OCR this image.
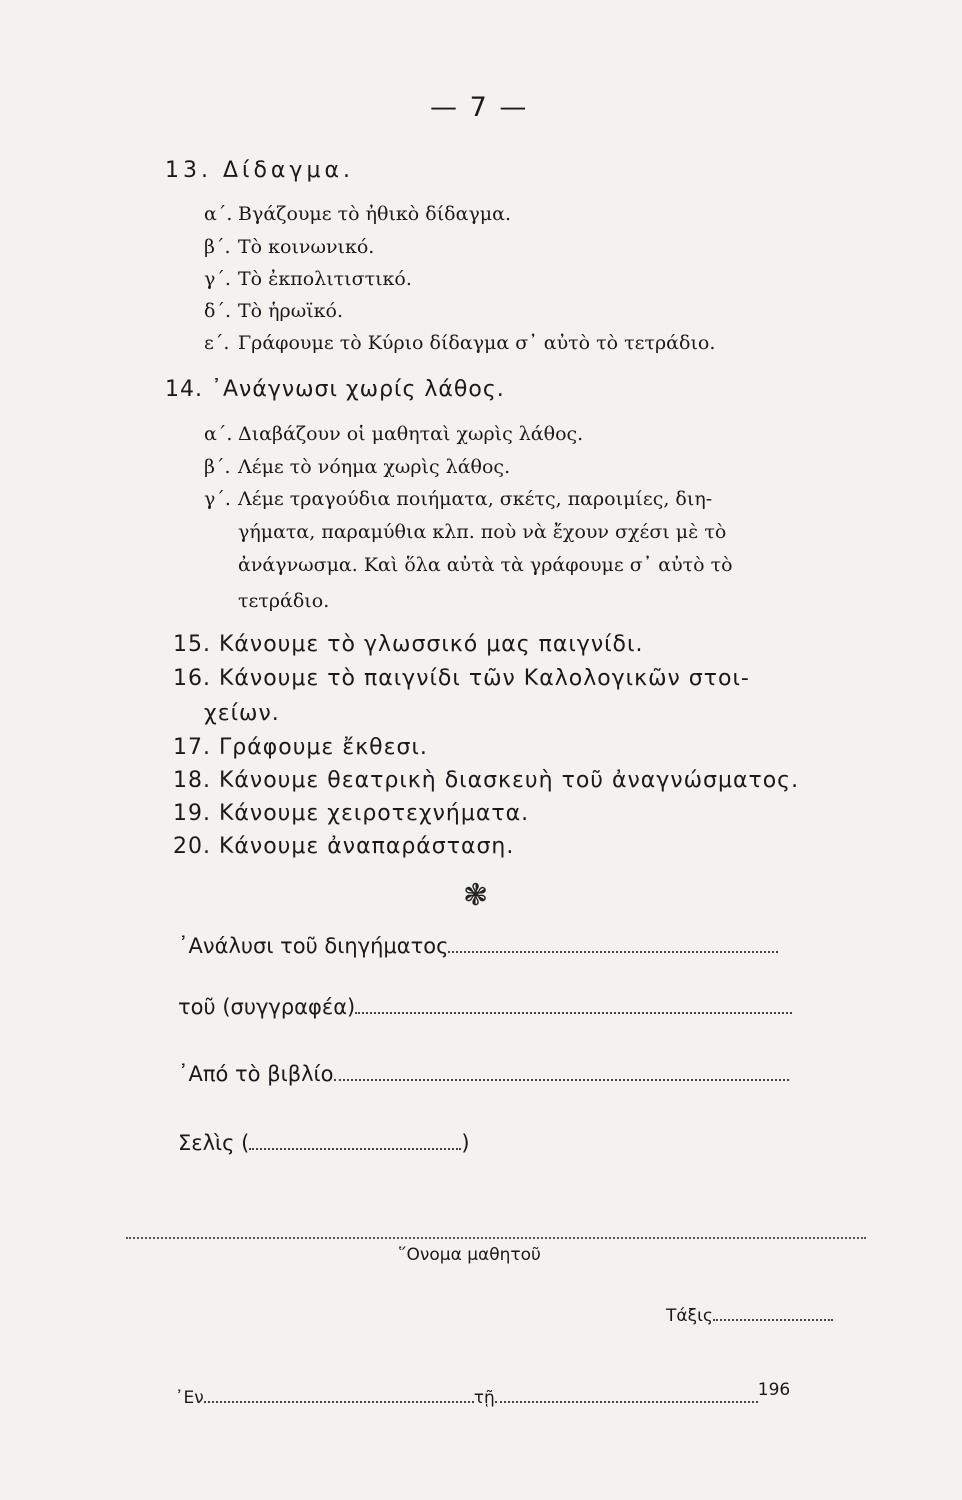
— 7 —
13. Δίδαγμα.
α΄. Βγάζουμε τὸ ἠθικὸ δίδαγμα.
β΄. Τὸ κοινωνικό.
γ΄. Τὸ ἐκπολιτιστικό.
δ΄. Τὸ ἡρωϊκό.
ε΄. Γράφουμε τὸ Κύριο δίδαγμα σ᾽ αὐτὸ τὸ τετράδιο.
14. ᾿Ανάγνωσι χωρίς λάθος.
α΄. Διαβάζουν οἱ μαθηταὶ χωρὶς λάθος.
β΄. Λέμε τὸ νόημα χωρὶς λάθος.
γ΄. Λέμε τραγούδια ποιήματα, σκέτς, παροιμίες, διη-
γήματα, παραμύθια κλπ. ποὺ νὰ ἔχουν σχέσι μὲ τὸ
ἀνάγνωσμα. Καὶ ὅλα αὐτὰ τὰ γράφουμε σ᾽ αὐτὸ τὸ
τετράδιο.
15. Κάνουμε τὸ γλωσσικό μας παιγνίδι.
16. Κάνουμε τὸ παιγνίδι τῶν Καλολογικῶν στοι-
χείων.
17. Γράφουμε ἔκθεσι.
18. Κάνουμε θεατρικὴ διασκευὴ τοῦ ἀναγνώσματος.
19. Κάνουμε χειροτεχνήματα.
20. Κάνουμε ἀναπαράσταση.
❃
᾿Ανάλυσι τοῦ διηγήματος
τοῦ (συγγραφέα)
᾿Από τὸ βιβλίο
Σελὶς (	)
῞Ονομα μαθητοῦ
Τάξις
᾿Εν	τῇ	196
